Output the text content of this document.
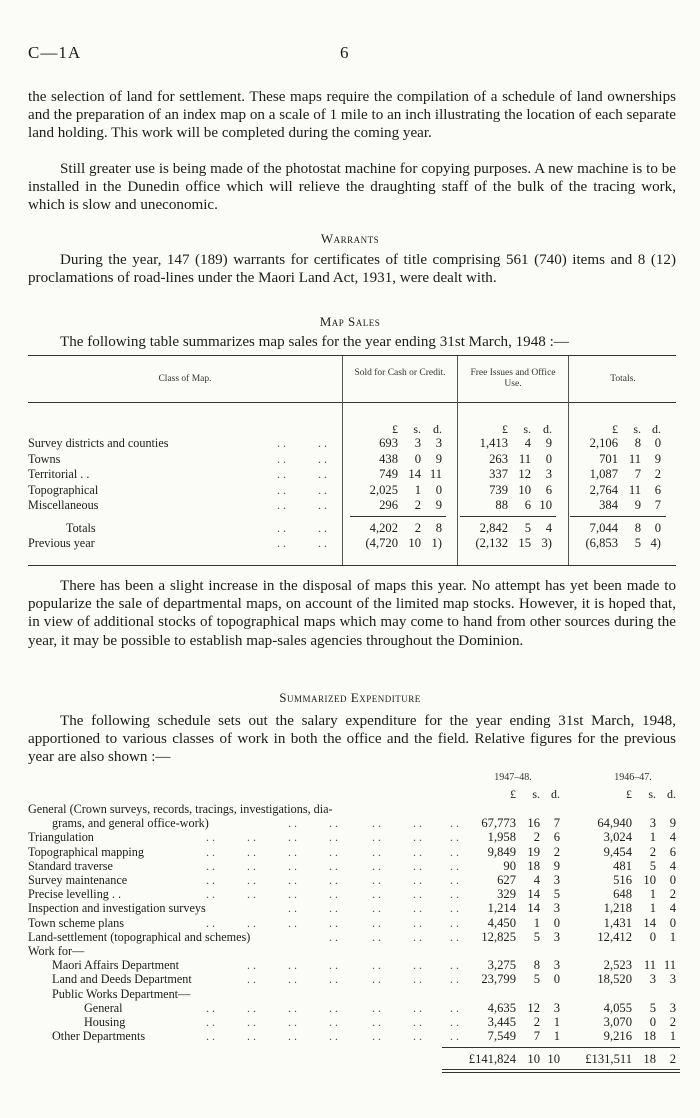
C—1A	6

the selection of land for settlement. These maps require the compilation of a schedule of land ownerships and the preparation of an index map on a scale of 1 mile to an inch illustrating the location of each separate land holding. This work will be completed during the coming year.

Still greater use is being made of the photostat machine for copying purposes. A new machine is to be installed in the Dunedin office which will relieve the draughting staff of the bulk of the tracing work, which is slow and uneconomic.

Warrants

During the year, 147 (189) warrants for certificates of title comprising 561 (740) items and 8 (12) proclamations of road-lines under the Maori Land Act, 1931, were dealt with.

Map Sales

The following table summarizes map sales for the year ending 31st March, 1948 :—

Class of Map.
Sold for Cash or Credit.	Free Issues and Office Use.	Totals.
£	s.	d.	£	s.	d.	£	s. d.
Survey districts and counties	. .	. .	693	3	3	1,413	4	9	2,106	8	0
Towns	. .	. .	438	0	9	263 11	0	701 11	9
Territorial . .	. .	. .	749 14 11	337 12	3	1,087	7	2
Topographical	. .	. .	2,025	1	0	739 10	6	2,764 11	6
Miscellaneous	. .	. .	296	2	9	88	6 10	384	9	7
Totals	. .	. .	4,202	2	8	2,842	5	4	7,044	8	0
Previous year	. .	. .	(4,720 10 1)	(2,132 15 3)	(6,853	5 4)
Summarized Expenditure

The following schedule sets out the salary expenditure for the year ending 31st March, 1948, apportioned to various classes of work in both the office and the field. Relative figures for the previous year are also shown :—

There has been a slight increase in the disposal of maps this year. No attempt has yet been made to popularize the sale of departmental maps, on account of the limited map stocks. However, it is hoped that, in view of additional stocks of topographical maps which may come to hand from other sources during the year, it may be possible to establish map-sales agencies throughout the Dominion.

1947–48.	1946–47.
£	s. d.	£	s. d.
General (Crown surveys, records, tracings, investigations, dia-
grams, and general office-work)	. .	. .	. .	. . . .	67,773 16	7	64,940	3	9
Triangulation	. .	. .	. .	. .	. .	. . . .	1,958	2	6	3,024	1	4
Topographical mapping	. .	. .	. .	. .	. .	. . . .	9,849 19	2	9,454	2	6
Standard traverse	. .	. .	. .	. .	. .	. . . .	90 18	9	481	5	4
Survey maintenance	. .	. .	. .	. .	. .	. . . .	627	4	3	516 10	0
Precise levelling . .	. .	. .	. .	. .	. .	. . . .	329 14	5	648	1	2
Inspection and investigation surveys	. .	. .	. .	. . . .	1,214 14	3	1,218	1	4
Town scheme plans	. .	. .	. .	. .	. .	. . . .	4,450	1	0	1,431 14	0
Land-settlement (topographical and schemes)	. .	. .	. . . .	12,825	5	3	12,412	0	1
Work for—
Maori Affairs Department	. .	. .	. .	. .	. . . .	3,275	8	3	2,523 11 11
Land and Deeds Department	. .	. .	. .	. .	. . . .	23,799	5	0	18,520	3	3
Public Works Department—
General	. .	. .	. .	. .	. .	. . . .	4,635 12	3	4,055	5	3
Housing	. .	. .	. .	. .	. .	. . . .	3,445	2	1	3,070	0	2
Other Departments	. .	. .	. .	. .	. .	. . . .	7,549	7	1	9,216 18	1
£141,824 10 10	£131,511 18	2
